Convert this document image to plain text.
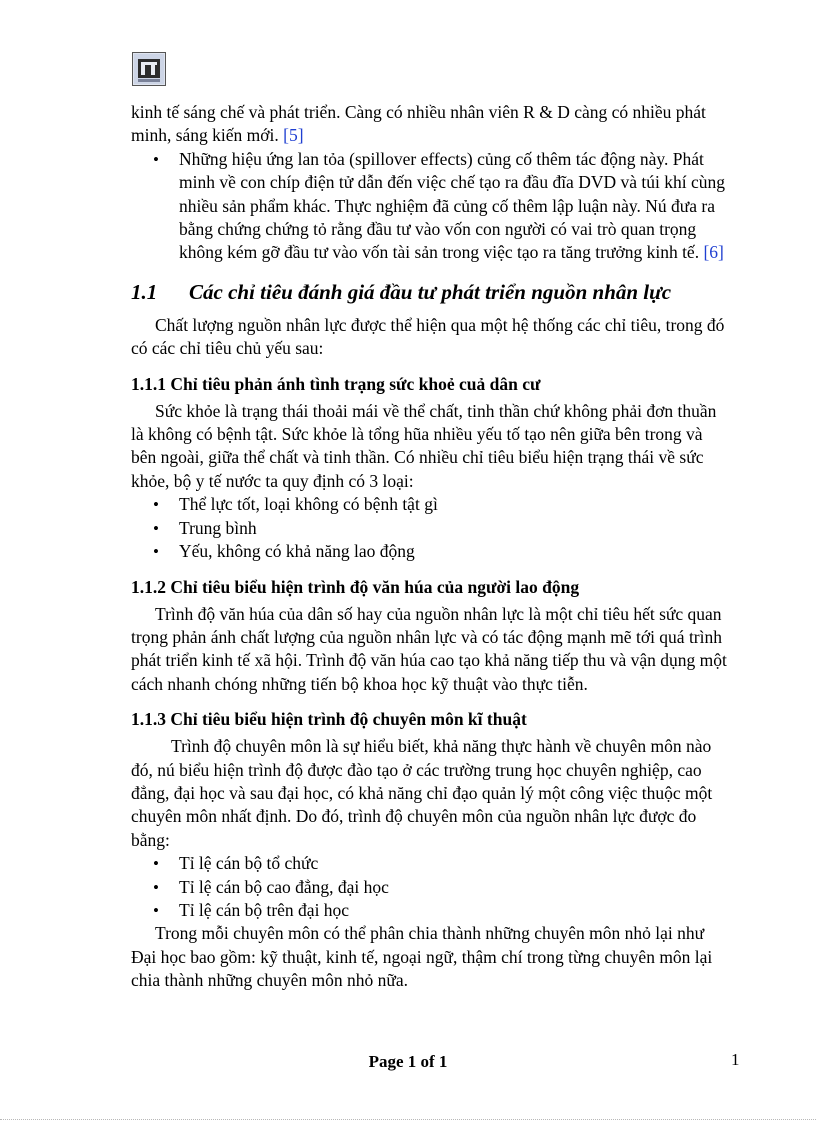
kinh tế sáng chế và phát triển. Càng có nhiều nhân viên R & D càng có nhiều phát minh, sáng kiến mới. [5]

• Những hiệu ứng lan tỏa (spillover effects) củng cố thêm tác động này. Phát minh về con chíp điện tử dẫn đến việc chế tạo ra đầu đĩa DVD và túi khí cùng nhiều sản phẩm khác. Thực nghiệm đã củng cố thêm lập luận này. Nú đưa ra bằng chứng chứng tỏ rằng đầu tư vào vốn con người có vai trò quan trọng không kém gỡ đầu tư vào vốn tài sản trong việc tạo ra tăng trưởng kinh tế. [6]
1.1 Các chỉ tiêu đánh giá đầu tư phát triển nguồn nhân lực

Chất lượng nguồn nhân lực được thể hiện qua một hệ thống các chỉ tiêu, trong đó có các chỉ tiêu chủ yếu sau:

1.1.1 Chỉ tiêu phản ánh tình trạng sức khoẻ cuả dân cư

Sức khỏe là trạng thái thoải mái về thể chất, tinh thần chứ không phải đơn thuần là không có bệnh tật. Sức khỏe là tổng hũa nhiều yếu tố tạo nên giữa bên trong và bên ngoài, giữa thể chất và tinh thần. Có nhiều chỉ tiêu biểu hiện trạng thái về sức khỏe, bộ y tế nước ta quy định có 3 loại:

• Thể lực tốt, loại không có bệnh tật gì
• Trung bình
• Yếu, không có khả năng lao động
1.1.2 Chỉ tiêu biểu hiện trình độ văn húa của người lao động

Trình độ văn húa của dân số hay của nguồn nhân lực là một chỉ tiêu hết sức quan trọng phản ánh chất lượng của nguồn nhân lực và có tác động mạnh mẽ tới quá trình phát triển kinh tế xã hội. Trình độ văn húa cao tạo khả năng tiếp thu và vận dụng một cách nhanh chóng những tiến bộ khoa học kỹ thuật vào thực tiễn.

1.1.3 Chỉ tiêu biểu hiện trình độ chuyên môn kĩ thuật

Trình độ chuyên môn là sự hiểu biết, khả năng thực hành về chuyên môn nào đó, nú biểu hiện trình độ được đào tạo ở các trường trung học chuyên nghiệp, cao đẳng, đại học và sau đại học, có khả năng chỉ đạo quản lý một công việc thuộc một chuyên môn nhất định. Do đó, trình độ chuyên môn của nguồn nhân lực được đo bằng:

• Tỉ lệ cán bộ tổ chức
• Tỉ lệ cán bộ cao đẳng, đại học
• Tỉ lệ cán bộ trên đại học

Trong mỗi chuyên môn có thể phân chia thành những chuyên môn nhỏ lại như Đại học bao gồm: kỹ thuật, kinh tế, ngoại ngữ, thậm chí trong từng chuyên môn lại chia thành những chuyên môn nhỏ nữa.

Page 1 of 1	1
